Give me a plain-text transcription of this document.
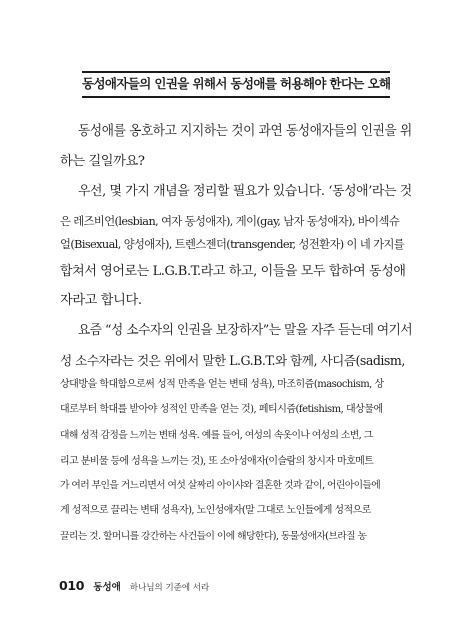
동성애자들의 인권을 위해서 동성애를 허용해야 한다는 오해
동성애를 옹호하고 지지하는 것이 과연 동성애자들의 인권을 위
하는 길일까요?
우선, 몇 가지 개념을 정리할 필요가 있습니다. ‘동성애’라는 것
은 레즈비언(lesbian, 여자 동성애자), 게이(gay, 남자 동성애자), 바이섹슈
얼(Bisexual, 양성애자), 트렌스젠더(transgender, 성전환자) 이 네 가지를
합쳐서 영어로는 L.G.B.T.라고 하고, 이들을 모두 합하여 동성애
자라고 합니다.
요즘 “성 소수자의 인권을 보장하자”는 말을 자주 듣는데 여기서
성 소수자라는 것은 위에서 말한 L.G.B.T.와 함께, 사디즘(sadism,
상대방을 학대함으로써 성적 만족을 얻는 변태 성욕), 마조히즘(masochism, 상
대로부터 학대를 받아야 성적인 만족을 얻는 것), 페티시즘(fetishism, 대상물에
대해 성적 감정을 느끼는 변태 성욕. 예를 들어, 여성의 속옷이나 여성의 소변, 그
리고 분비물 등에 성욕을 느끼는 것), 또 소아성애자(이슬람의 창시자 마호메트
가 여러 부인을 거느리면서 여섯 살짜리 아이샤와 결혼한 것과 같이, 어린아이들에
게 성적으로 끌리는 변태 성욕자), 노인성애자(말 그대로 노인들에게 성적으로
끌리는 것. 할머니를 강간하는 사건들이 이에 해당한다), 동물성애자(브라질 농
010 동성애 하나님의 기준에 서라
